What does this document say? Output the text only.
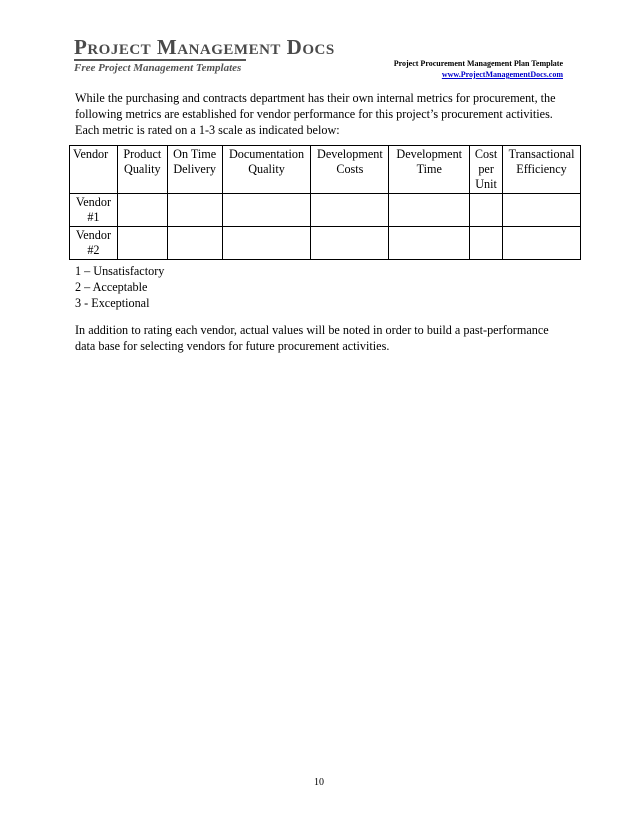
Project Management Docs
Free Project Management Templates	Project Procurement Management Plan Template
www.ProjectManagementDocs.com

While the purchasing and contracts department has their own internal metrics for procurement, the following metrics are established for vendor performance for this project’s procurement activities. Each metric is rated on a 1-3 scale as indicated below:

Vendor	Product Quality	On Time Delivery	Documentation Quality	Development Costs	Development Time	Cost per Unit	Transactional Efficiency
Vendor #1							
Vendor #2							
1 – Unsatisfactory
2 – Acceptable
3 - Exceptional

In addition to rating each vendor, actual values will be noted in order to build a past-performance data base for selecting vendors for future procurement activities.

10
